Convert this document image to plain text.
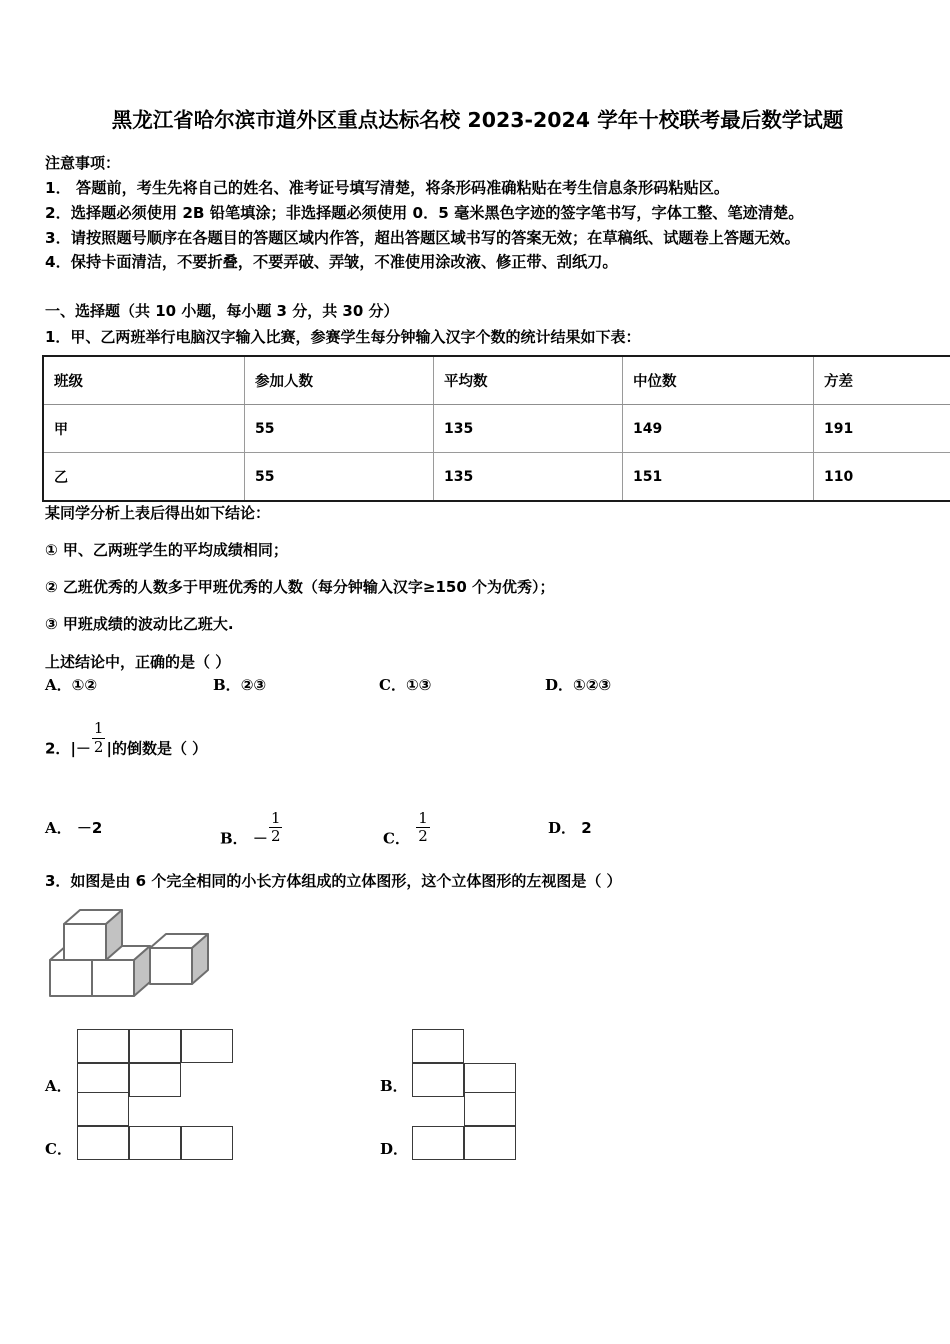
黑龙江省哈尔滨市道外区重点达标名校 2023-2024 学年十校联考最后数学试题
注意事项：
1． 答题前，考生先将自己的姓名、准考证号填写清楚，将条形码准确粘贴在考生信息条形码粘贴区。
2．选择题必须使用 2B 铅笔填涂；非选择题必须使用 0．5 毫米黑色字迹的签字笔书写，字体工整、笔迹清楚。
3．请按照题号顺序在各题目的答题区域内作答，超出答题区域书写的答案无效；在草稿纸、试题卷上答题无效。
4．保持卡面清洁，不要折叠，不要弄破、弄皱，不准使用涂改液、修正带、刮纸刀。
一、选择题（共 10 小题，每小题 3 分，共 30 分）
1．甲、乙两班举行电脑汉字输入比赛，参赛学生每分钟输入汉字个数的统计结果如下表：
班级	参加人数	平均数	中位数	方差
甲	55	135	149	191
乙	55	135	151	110
某同学分析上表后得出如下结论：
① 甲、乙两班学生的平均成绩相同；
② 乙班优秀的人数多于甲班优秀的人数（每分钟输入汉字≥150 个为优秀）；
③ 甲班成绩的波动比乙班大.
上述结论中，正确的是（ ）
A．①②	B．②③	C．①③	D．①②③
2．|－ $\frac{1}{2}$ |的倒数是（ ）
A． －2
B． － $\frac{1}{2}$	C． $\frac{1}{2}$	D． 2
3．如图是由 6 个完全相同的小长方体组成的立体图形，这个立体图形的左视图是（ ）
A．	B．
C．	D．
